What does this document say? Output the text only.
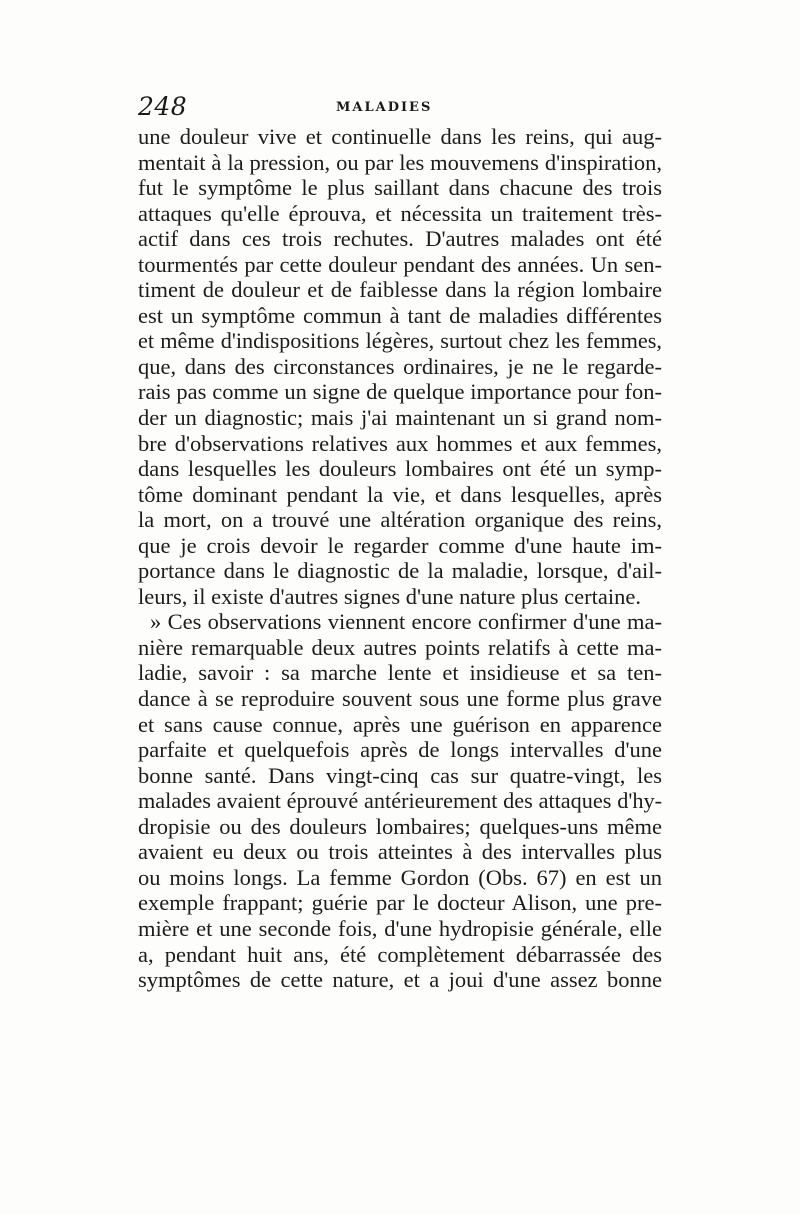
248	MALADIES
une douleur vive et continuelle dans les reins, qui aug-
mentait à la pression, ou par les mouvemens d'inspiration,
fut le symptôme le plus saillant dans chacune des trois
attaques qu'elle éprouva, et nécessita un traitement très-
actif dans ces trois rechutes. D'autres malades ont été
tourmentés par cette douleur pendant des années. Un sen-
timent de douleur et de faiblesse dans la région lombaire
est un symptôme commun à tant de maladies différentes
et même d'indispositions légères, surtout chez les femmes,
que, dans des circonstances ordinaires, je ne le regarde-
rais pas comme un signe de quelque importance pour fon-
der un diagnostic; mais j'ai maintenant un si grand nom-
bre d'observations relatives aux hommes et aux femmes,
dans lesquelles les douleurs lombaires ont été un symp-
tôme dominant pendant la vie, et dans lesquelles, après
la mort, on a trouvé une altération organique des reins,
que je crois devoir le regarder comme d'une haute im-
portance dans le diagnostic de la maladie, lorsque, d'ail-
leurs, il existe d'autres signes d'une nature plus certaine.
» Ces observations viennent encore confirmer d'une ma-
nière remarquable deux autres points relatifs à cette ma-
ladie, savoir : sa marche lente et insidieuse et sa ten-
dance à se reproduire souvent sous une forme plus grave
et sans cause connue, après une guérison en apparence
parfaite et quelquefois après de longs intervalles d'une
bonne santé. Dans vingt-cinq cas sur quatre-vingt, les
malades avaient éprouvé antérieurement des attaques d'hy-
dropisie ou des douleurs lombaires; quelques-uns même
avaient eu deux ou trois atteintes à des intervalles plus
ou moins longs. La femme Gordon (Obs. 67) en est un
exemple frappant; guérie par le docteur Alison, une pre-
mière et une seconde fois, d'une hydropisie générale, elle
a, pendant huit ans, été complètement débarrassée des
symptômes de cette nature, et a joui d'une assez bonne
